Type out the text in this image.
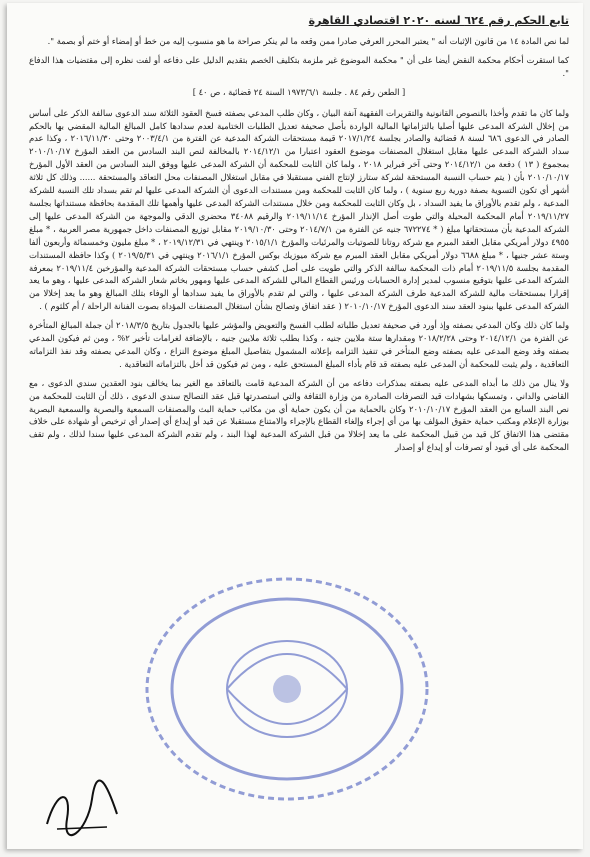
تابع الحكم رقم ٦٢٤ لسنه ٢٠٢٠ اقتصادي القاهرة

لما نص المادة ١٤ من قانون الإثبات أنه " يعتبر المحرر العرفي صادرا ممن وقعه ما لم ينكر صراحة ما هو منسوب إليه من خط أو إمضاء أو ختم أو بصمة ".

كما استقرت أحكام محكمة النقض أيضا على أن " محكمة الموضوع غير ملزمة بتكليف الخصم بتقديم الدليل على دفاعه أو لفت نظره إلى مقتضيات هذا الدفاع ".

[ الطعن رقم ٨٤ . جلسة ١٩٧٣/٦/١ السنة ٢٤ قضائية ، ص ٤٠ ]

ولما كان ما تقدم وأخذا بالنصوص القانونية والتقريرات الفقهية آنفة البيان ، وكان طلب المدعي بصفته فسخ العقود الثلاثة سند الدعوى سالفة الذكر على أساس من إخلال الشركة المدعى عليها أصليا بالتزاماتها المالية الواردة بأصل صحيفة تعديل الطلبات الختامية لعدم سدادها كامل المبالغ المالية المقضي بها بالحكم الصادر في الدعوى ٦٨٦ لسنة ٨ قضائية والصادر بجلسة ٢٠١٧/١/٢٤ قيمة مستحقات الشركة المدعية عن الفترة من ٢٠٠٣/٤/١ وحتى ٢٠١٦/١١/٣٠ ، وكذا عدم سداد الشركة المدعى عليها مقابل استغلال المصنفات موضوع العقود اعتبارا من ٢٠١٤/١٢/١ بالمخالفة لنص البند السادس من العقد المؤرخ ٢٠١٠/١٠/١٧ بمجموع ( ١٣ ) دفعة من ٢٠١٤/١٢/١ وحتى آخر فبراير ٢٠١٨ ، ولما كان الثابت للمحكمة أن الشركة المدعى عليها ووفق البند السادس من العقد الأول المؤرخ ٢٠١٠/١٠/١٧ بأن ( يتم حساب النسبة المستحقة لشركة ستارز لإنتاج الفني مستقبلا في مقابل استغلال المصنفات محل التعاقد والمستحقة ...... وذلك كل ثلاثة أشهر أي تكون التسوية بصفة دورية ربع سنوية ) ، ولما كان الثابت للمحكمة ومن مستندات الدعوى أن الشركة المدعى عليها لم تقم بسداد تلك النسبة للشركة المدعية ، ولم تقدم بالأوراق ما يفيد السداد ، بل وكان الثابت للمحكمة ومن خلال مستندات الشركة المدعى عليها وأهمها تلك المقدمة بحافظة مستنداتها بجلسة ٢٠١٩/١١/٢٧ أمام المحكمة المحيلة والتي طوت أصل الإنذار المؤرخ ٢٠١٩/١١/١٤ والرقيم ٣٤٠٨٨ محضري الدقي والموجهة من الشركة المدعى عليها إلى الشركة المدعية بأن مستحقاتها مبلغ ( * ٦٧٢٢٧٤ جنيه عن الفترة من ٢٠١٤/٧/١ وحتى ٢٠١٩/١٠/٣٠ مقابل توزيع المصنفات داخل جمهورية مصر العربية ، * مبلغ ٤٩٥٥ دولار أمريكي مقابل العقد المبرم مع شركة روتانا للصوتيات والمرئيات والمؤرخ ٢٠١٥/١/١ وينتهي في ٢٠١٩/١٢/٣١ ، * مبلغ مليون وخمسمائة وأربعون ألفا وستة عشر جنيها ، * مبلغ ٦٦٨٨ دولار أمريكي مقابل العقد المبرم مع شركة ميوزيك بوكس المؤرخ ٢٠١٦/١/١ وينتهي في ٢٠١٩/٥/٣١ ) وكذا حافظة المستندات المقدمة بجلسة ٢٠١٩/١١/٥ أمام ذات المحكمة سالفة الذكر والتي طويت على أصل كشفي حساب مستحقات الشركة المدعية والمؤرخين ٢٠١٩/١١/٤ بمعرفة الشركة المدعى عليها بتوقيع منسوب لمدير إدارة الحسابات ورئيس القطاع المالي للشركة المدعى عليها ومهور بخاتم شعار الشركة المدعى عليها ، وهو ما يعد إقرارا بمستحقات مالية للشركة المدعية طرف الشركة المدعى عليها ، والتي لم تقدم بالأوراق ما يفيد سدادها أو الوفاء بتلك المبالغ وهو ما يعد إخلالا من الشركة المدعى عليها ببنود العقد سند الدعوى المؤرخ ٢٠١٠/١٠/١٧ ( عقد اتفاق وتصالح بشأن استغلال المصنفات المؤداة بصوت الفنانة الراحلة / أم كلثوم ) .

ولما كان ذلك وكان المدعي بصفته وإذ أورد في صحيفة تعديل طلباته لطلب الفسخ والتعويض والمؤشر عليها بالجدول بتاريخ ٢٠١٨/٣/٥ أن جملة المبالغ المتأخرة عن الفترة من ٢٠١٤/١٢/١ وحتى ٢٠١٨/٢/٢٨ ومقدارها ستة ملايين جنيه ، وكذا بطلب ثلاثة ملايين جنيه ، بالإضافة لغرامات تأخير ٢% ، ومن ثم فيكون المدعي بصفته وقد وضع المدعى عليه بصفته وضع المتأخر في تنفيذ التزامه بإعلانه المشمول بتفاصيل المبلغ موضوع النزاع ، وكان المدعي بصفته وقد نفذ التزاماته التعاقدية ، ولم يثبت للمحكمة أن المدعى عليه بصفته قد قام بأداء المبلغ المستحق عليه ، ومن ثم فيكون قد أخل بالتزاماته التعاقدية .

ولا ينال من ذلك ما أبداه المدعى عليه بصفته بمذكرات دفاعه من أن الشركة المدعية قامت بالتعاقد مع الغير بما يخالف بنود العقدين سندي الدعوى ، مع القاضي والداني ، وتمسكها بشهادات قيد التصرفات الصادرة من وزارة الثقافة والتي استصدرتها قبل عقد التصالح سندي الدعوى ، ذلك أن الثابت للمحكمة من نص البند السابع من العقد المؤرخ ٢٠١٠/١٠/١٧ وكان بالحماية من أن يكون حماية أي من مكاتب حماية البث والمصنفات السمعية والبصرية والسمعية البصرية بوزارة الإعلام ومكتب حماية حقوق المؤلف بها من أي إجراء وإلغاء القطاع بالإجراء والامتناع مستقبلا عن قيد أو إيداع أي إصدار أي ترخيص أو شهادة على خلاف مقتضى هذا الاتفاق كل قيد من قبيل المحكمة على ما يعد إخلالا من قبل الشركة المدعية لهذا البند ، ولم تقدم الشركة المدعى عليها سندا لذلك ، ولم تقف المحكمة على أي قيود أو تصرفات أو إيداع أو إصدار
